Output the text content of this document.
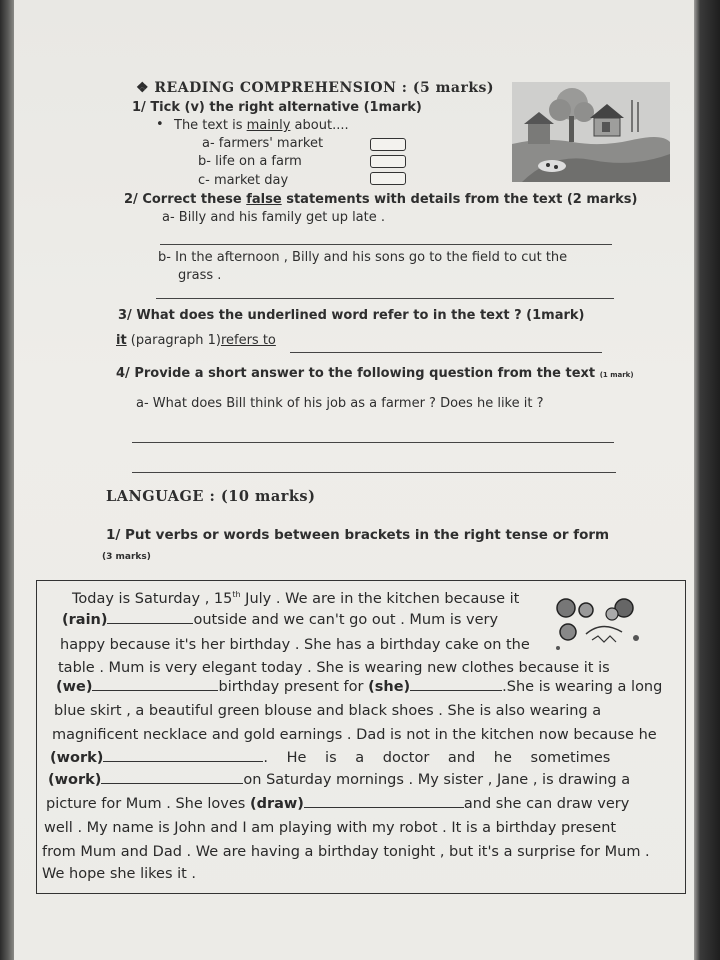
❖ READING COMPREHENSION : (5 marks)
1/ Tick (v) the right alternative (1mark)
• The text is mainly about....
a- farmers' market
b- life on a farm
c- market day
2/ Correct these false statements with details from the text (2 marks)
a- Billy and his family get up late .
b- In the afternoon , Billy and his sons go to the field to cut the
grass .
3/ What does the underlined word refer to in the text ? (1mark)
it (paragraph 1)refers to
4/ Provide a short answer to the following question from the text (1 mark)
a- What does Bill think of his job as a farmer ? Does he like it ?
LANGUAGE : (10 marks)
1/ Put verbs or words between brackets in the right tense or form
(3 marks)
Today is Saturday , 15th July . We are in the kitchen because it
(rain)	outside and we can't go out . Mum is very
happy because it's her birthday . She has a birthday cake on the
table . Mum is very elegant today . She is wearing new clothes because it is
(we)	birthday present for (she)	.She is wearing a long
blue skirt , a beautiful green blouse and black shoes . She is also wearing a
magnificent necklace and gold earnings . Dad is not in the kitchen now because he
(work)	. He is a doctor and he sometimes
(work)	on Saturday mornings . My sister , Jane , is drawing a
picture for Mum . She loves (draw)	and she can draw very
well . My name is John and I am playing with my robot . It is a birthday present
from Mum and Dad . We are having a birthday tonight , but it's a surprise for Mum .
We hope she likes it .
